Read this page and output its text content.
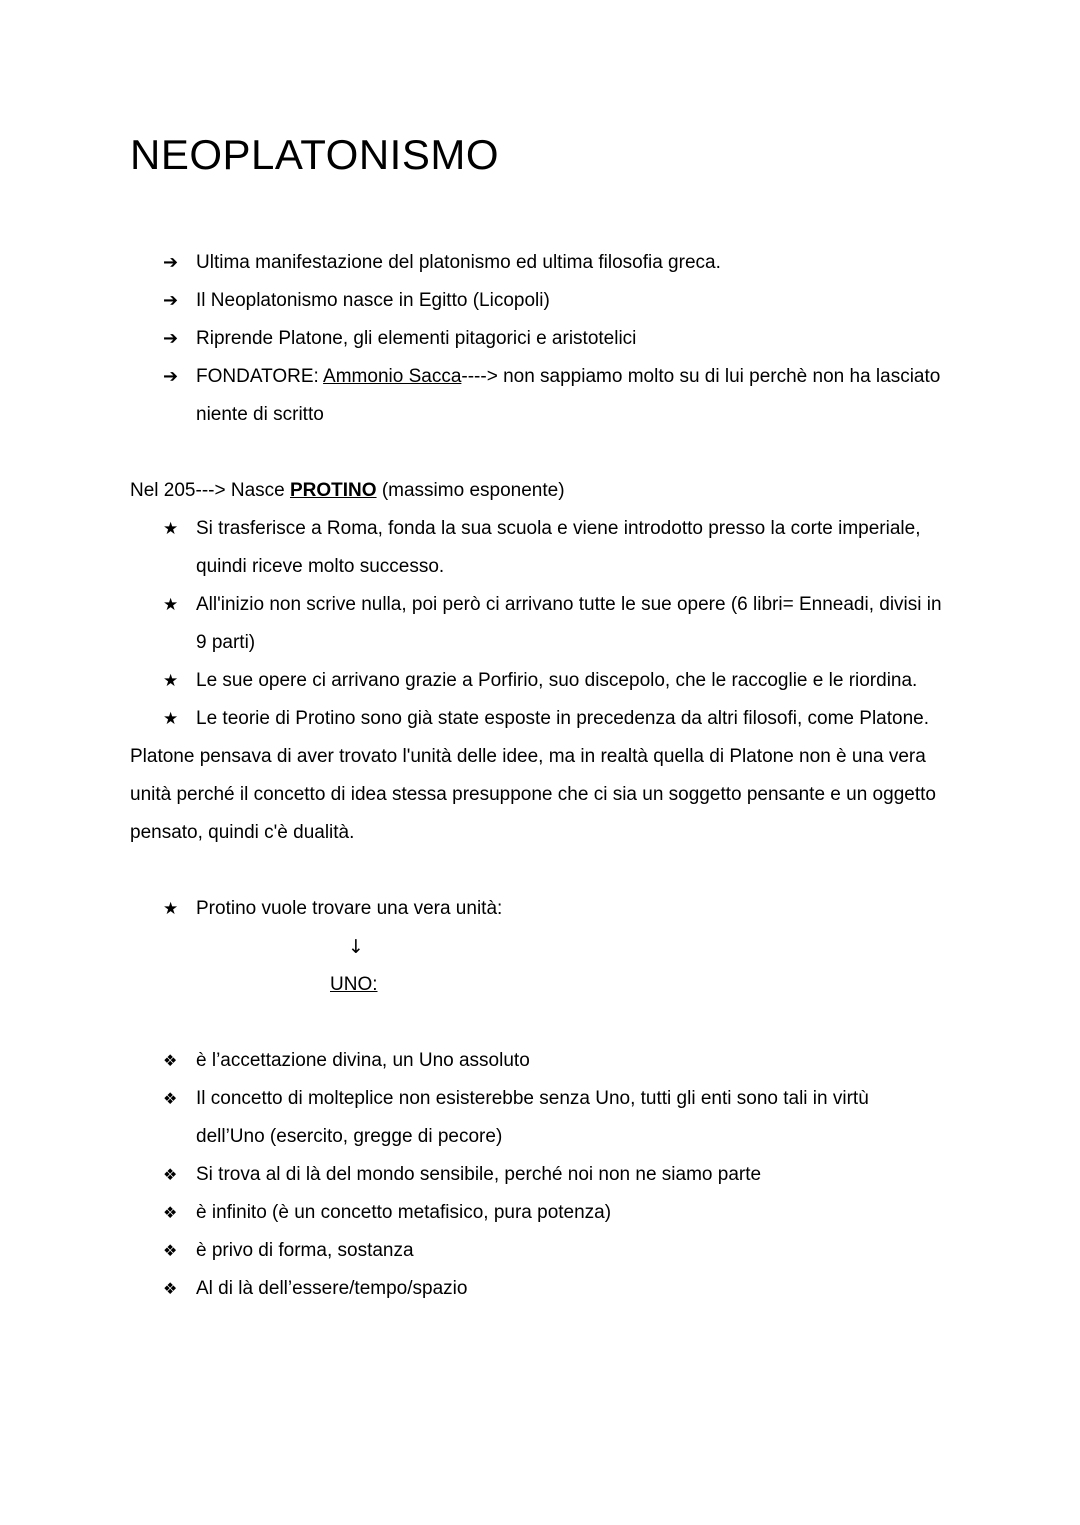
NEOPLATONISMO
➔ Ultima manifestazione del platonismo ed ultima filosofia greca.
➔ Il Neoplatonismo nasce in Egitto (Licopoli)
➔ Riprende Platone, gli elementi pitagorici e aristotelici
➔ FONDATORE: Ammonio Sacca----> non sappiamo molto su di lui perchè non ha lasciato niente di scritto

Nel 205---> Nasce PROTINO (massimo esponente)

★ Si trasferisce a Roma, fonda la sua scuola e viene introdotto presso la corte imperiale, quindi riceve molto successo.
★ All'inizio non scrive nulla, poi però ci arrivano tutte le sue opere (6 libri= Enneadi, divisi in 9 parti)
★ Le sue opere ci arrivano grazie a Porfirio, suo discepolo, che le raccoglie e le riordina.
★ Le teorie di Protino sono già state esposte in precedenza da altri filosofi, come Platone.

Platone pensava di aver trovato l'unità delle idee, ma in realtà quella di Platone non è una vera unità perché il concetto di idea stessa presuppone che ci sia un soggetto pensante e un oggetto pensato, quindi c'è dualità.

★ Protino vuole trovare una vera unità:
↓
UNO:
❖ è l’accettazione divina, un Uno assoluto
❖ Il concetto di molteplice non esisterebbe senza Uno, tutti gli enti sono tali in virtù dell’Uno (esercito, gregge di pecore)
❖ Si trova al di là del mondo sensibile, perché noi non ne siamo parte
❖ è infinito (è un concetto metafisico, pura potenza)
❖ è privo di forma, sostanza
❖ Al di là dell’essere/tempo/spazio
